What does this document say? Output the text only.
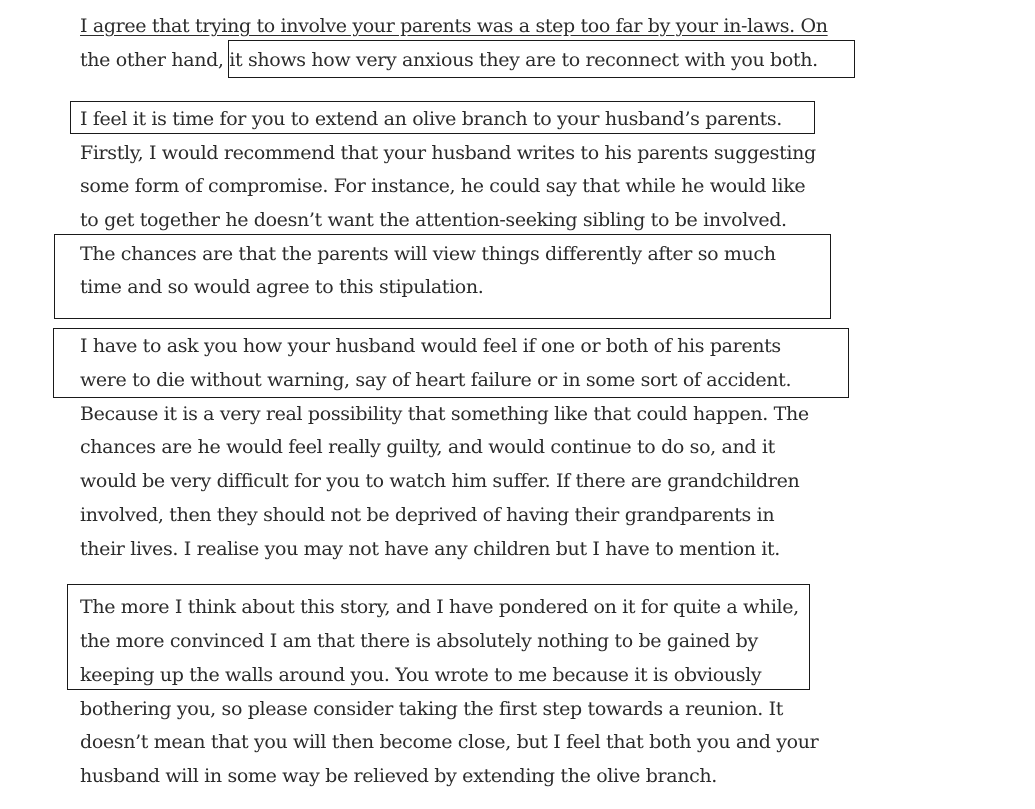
I agree that trying to involve your parents was a step too far by your in-laws. On
the other hand, it shows how very anxious they are to reconnect with you both.
I feel it is time for you to extend an olive branch to your husband’s parents.
Firstly, I would recommend that your husband writes to his parents suggesting
some form of compromise. For instance, he could say that while he would like
to get together he doesn’t want the attention-seeking sibling to be involved.
The chances are that the parents will view things differently after so much
time and so would agree to this stipulation.
I have to ask you how your husband would feel if one or both of his parents
were to die without warning, say of heart failure or in some sort of accident.
Because it is a very real possibility that something like that could happen. The
chances are he would feel really guilty, and would continue to do so, and it
would be very difficult for you to watch him suffer. If there are grandchildren
involved, then they should not be deprived of having their grandparents in
their lives. I realise you may not have any children but I have to mention it.
The more I think about this story, and I have pondered on it for quite a while,
the more convinced I am that there is absolutely nothing to be gained by
keeping up the walls around you. You wrote to me because it is obviously
bothering you, so please consider taking the first step towards a reunion. It
doesn’t mean that you will then become close, but I feel that both you and your
husband will in some way be relieved by extending the olive branch.
